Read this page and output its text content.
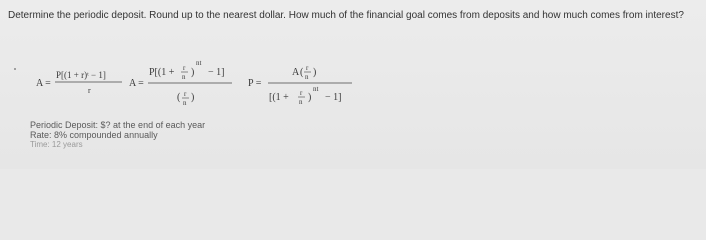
Determine the periodic deposit. Round up to the nearest dollar. How much of the financial goal comes from deposits and how much comes from interest?

A =
P[(1 + r)ᵗ − 1]
r
A =
P[(1 + r
n )
nt
− 1]
( r
n )
P =
A ( r
n )
[(1 + r
n )
nt
− 1]
Periodic Deposit: $? at the end of each year
Rate: 8% compounded annually
Time: 12 years
